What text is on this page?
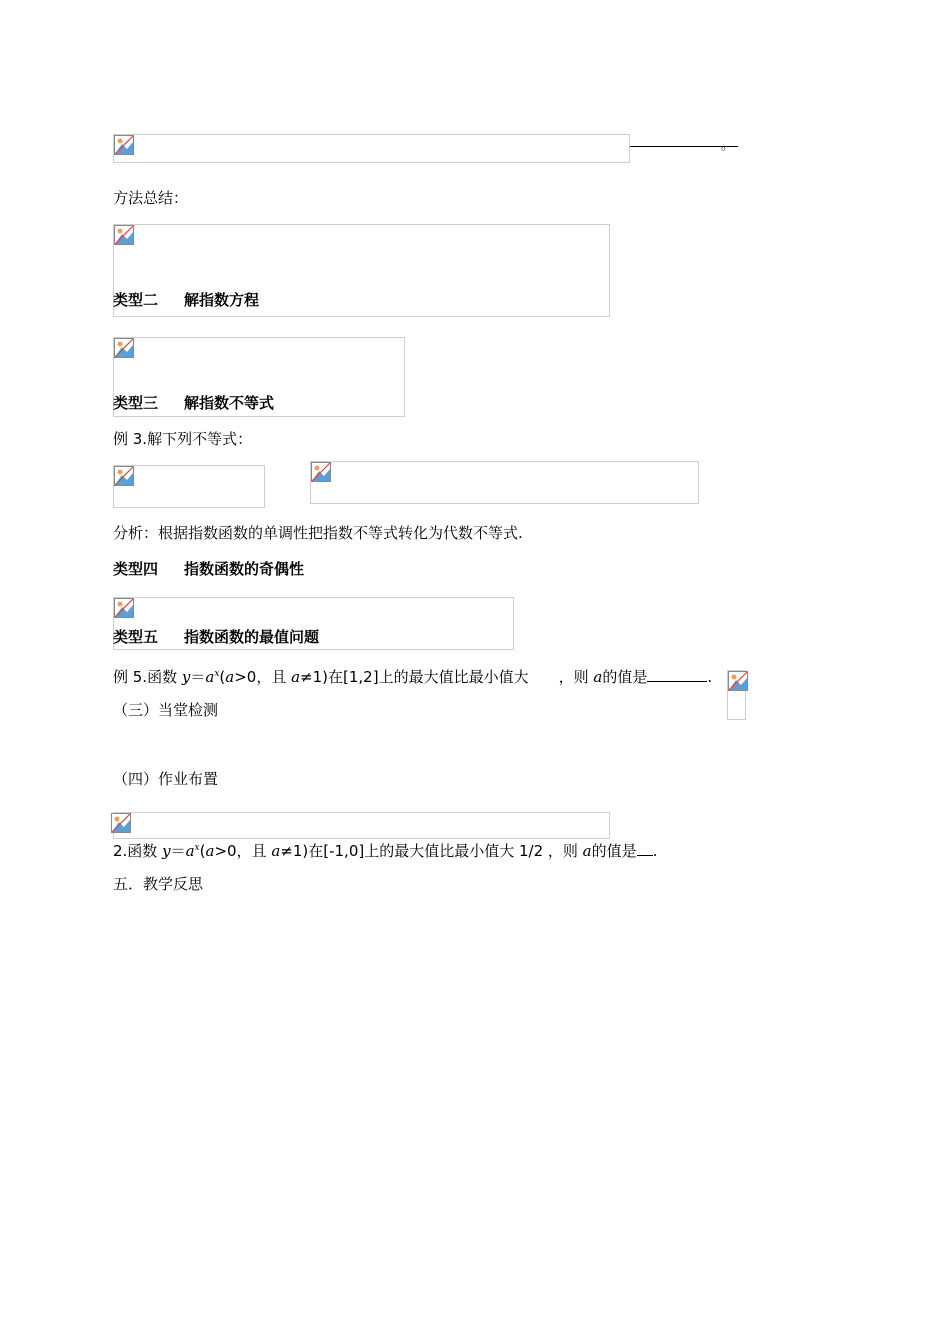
。
方法总结：
类型二 解指数方程
类型三 解指数不等式
例 3.解下列不等式：
分析：根据指数函数的单调性把指数不等式转化为代数不等式.
类型四 指数函数的奇偶性
类型五 指数函数的最值问题
例 5.函数 $y=a^x(a>0$，且 a≠1)在[1,2]上的最大值比最小值大 ，则 a的值是	.
（三）当堂检测
（四）作业布置
2.函数 $y=a^x(a>0$，且 a≠1)在[-1,0]上的最大值比最小值大 1/2 ，则 a的值是 .
五．教学反思
